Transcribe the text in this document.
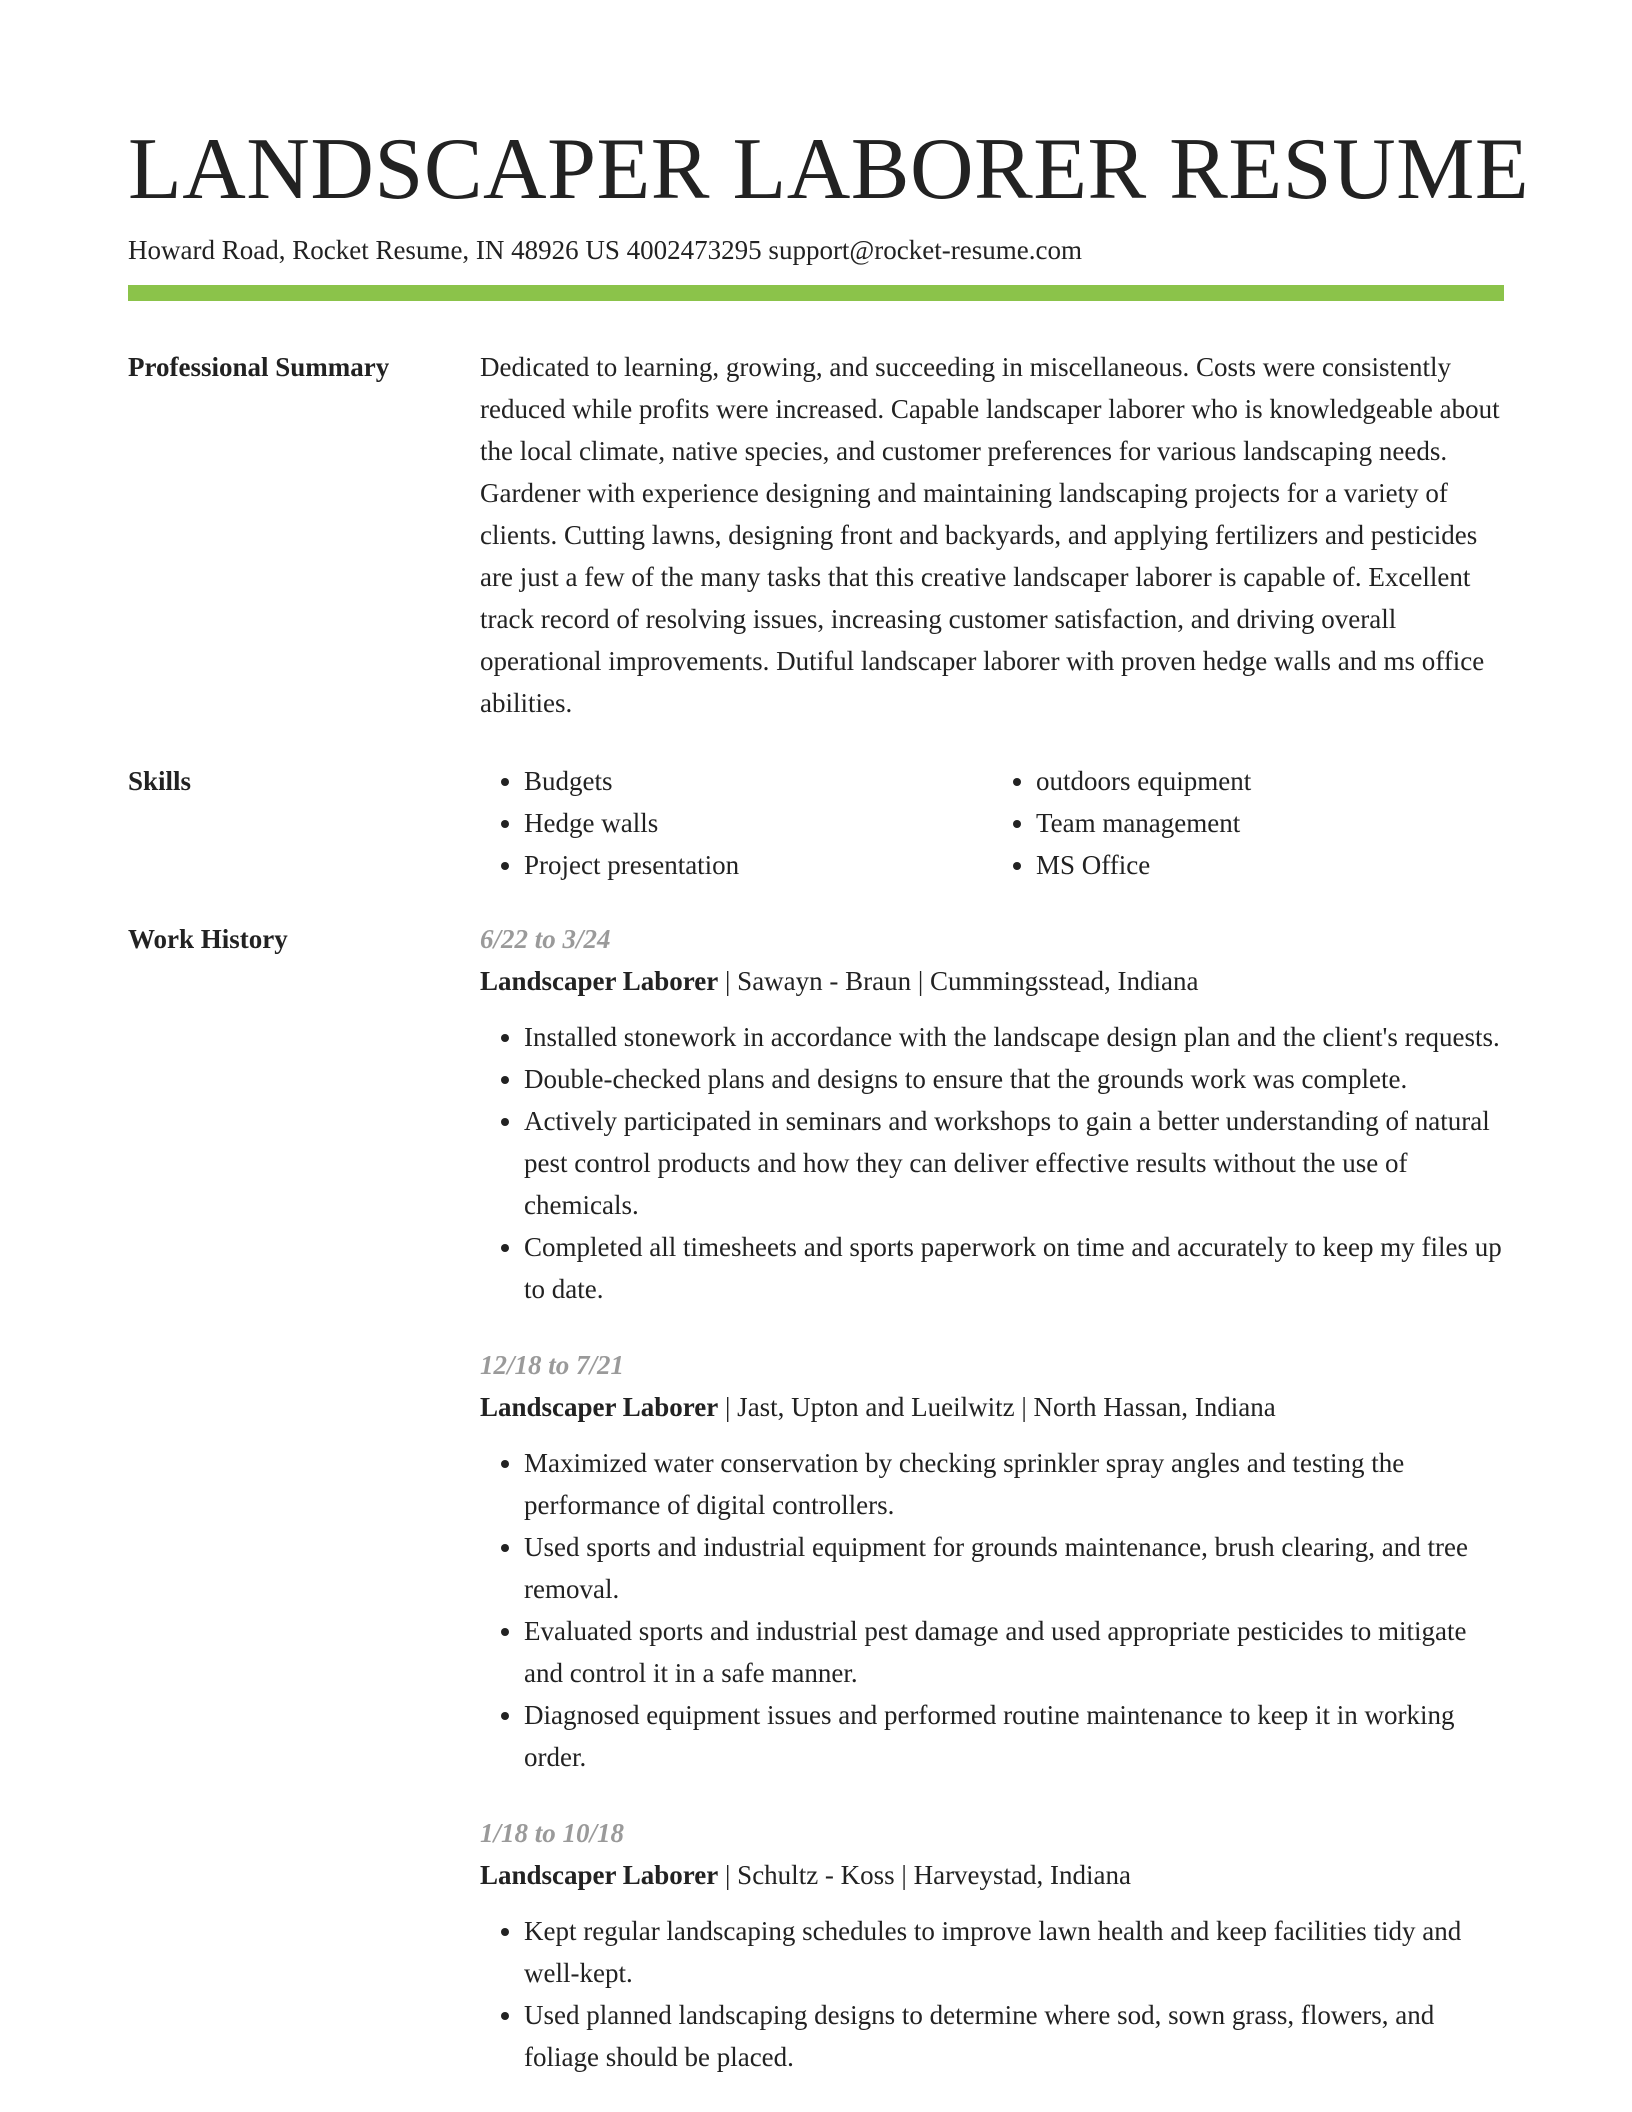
LANDSCAPER LABORER RESUME
Howard Road, Rocket Resume, IN 48926 US 4002473295 support@rocket-resume.com
Professional Summary	Dedicated to learning, growing, and succeeding in miscellaneous. Costs were consistently reduced while profits were increased. Capable landscaper laborer who is knowledgeable about the local climate, native species, and customer preferences for various landscaping needs. Gardener with experience designing and maintaining landscaping projects for a variety of clients. Cutting lawns, designing front and backyards, and applying fertilizers and pesticides are just a few of the many tasks that this creative landscaper laborer is capable of. Excellent track record of resolving issues, increasing customer satisfaction, and driving overall operational improvements. Dutiful landscaper laborer with proven hedge walls and ms office abilities.

Skills
•	Budgets
• Hedge walls
• Project presentation
• outdoors equipment
• Team management
• MS Office
Work History	6/22 to 3/24
Landscaper Laborer | Sawayn - Braun | Cummingsstead, Indiana
• Installed stonework in accordance with the landscape design plan and the client's requests.
• Double-checked plans and designs to ensure that the grounds work was complete.
• Actively participated in seminars and workshops to gain a better understanding of natural pest control products and how they can deliver effective results without the use of chemicals.
• Completed all timesheets and sports paperwork on time and accurately to keep my files up to date.
12/18 to 7/21
Landscaper Laborer | Jast, Upton and Lueilwitz | North Hassan, Indiana
• Maximized water conservation by checking sprinkler spray angles and testing the performance of digital controllers.
• Used sports and industrial equipment for grounds maintenance, brush clearing, and tree removal.
• Evaluated sports and industrial pest damage and used appropriate pesticides to mitigate and control it in a safe manner.
• Diagnosed equipment issues and performed routine maintenance to keep it in working order.
1/18 to 10/18
Landscaper Laborer | Schultz - Koss | Harveystad, Indiana
• Kept regular landscaping schedules to improve lawn health and keep facilities tidy and well-kept.
• Used planned landscaping designs to determine where sod, sown grass, flowers, and foliage should be placed.
